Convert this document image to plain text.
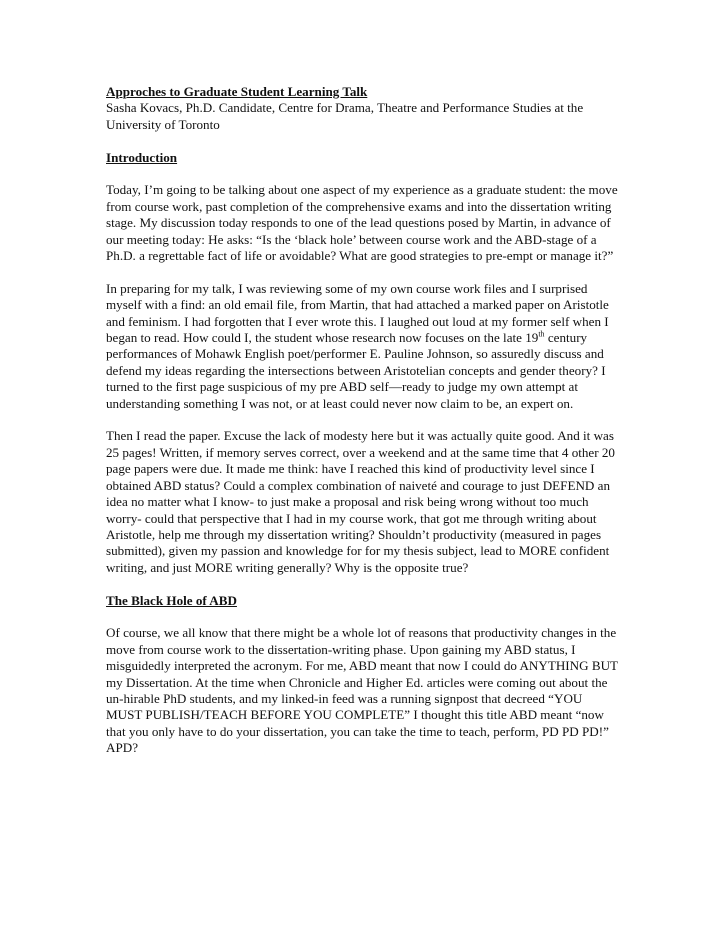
Approches to Graduate Student Learning Talk

Sasha Kovacs, Ph.D. Candidate, Centre for Drama, Theatre and Performance Studies at the University of Toronto

Introduction

Today, I’m going to be talking about one aspect of my experience as a graduate student: the move from course work, past completion of the comprehensive exams and into the dissertation writing stage. My discussion today responds to one of the lead questions posed by Martin, in advance of our meeting today: He asks: “Is the ‘black hole’ between course work and the ABD-stage of a Ph.D. a regrettable fact of life or avoidable? What are good strategies to pre-empt or manage it?”

In preparing for my talk, I was reviewing some of my own course work files and I surprised myself with a find: an old email file, from Martin, that had attached a marked paper on Aristotle and feminism. I had forgotten that I ever wrote this. I laughed out loud at my former self when I began to read. How could I, the student whose research now focuses on the late 19th century performances of Mohawk English poet/performer E. Pauline Johnson, so assuredly discuss and defend my ideas regarding the intersections between Aristotelian concepts and gender theory? I turned to the first page suspicious of my pre ABD self—ready to judge my own attempt at understanding something I was not, or at least could never now claim to be, an expert on.

Then I read the paper. Excuse the lack of modesty here but it was actually quite good. And it was 25 pages! Written, if memory serves correct, over a weekend and at the same time that 4 other 20 page papers were due. It made me think: have I reached this kind of productivity level since I obtained ABD status? Could a complex combination of naiveté and courage to just DEFEND an idea no matter what I know- to just make a proposal and risk being wrong without too much worry- could that perspective that I had in my course work, that got me through writing about Aristotle, help me through my dissertation writing? Shouldn’t productivity (measured in pages submitted), given my passion and knowledge for for my thesis subject, lead to MORE confident writing, and just MORE writing generally? Why is the opposite true?

The Black Hole of ABD

Of course, we all know that there might be a whole lot of reasons that productivity changes in the move from course work to the dissertation-writing phase. Upon gaining my ABD status, I misguidedly interpreted the acronym. For me, ABD meant that now I could do ANYTHING BUT my Dissertation. At the time when Chronicle and Higher Ed. articles were coming out about the un-hirable PhD students, and my linked-in feed was a running signpost that decreed “YOU MUST PUBLISH/TEACH BEFORE YOU COMPLETE” I thought this title ABD meant “now that you only have to do your dissertation, you can take the time to teach, perform, PD PD PD!” APD?
